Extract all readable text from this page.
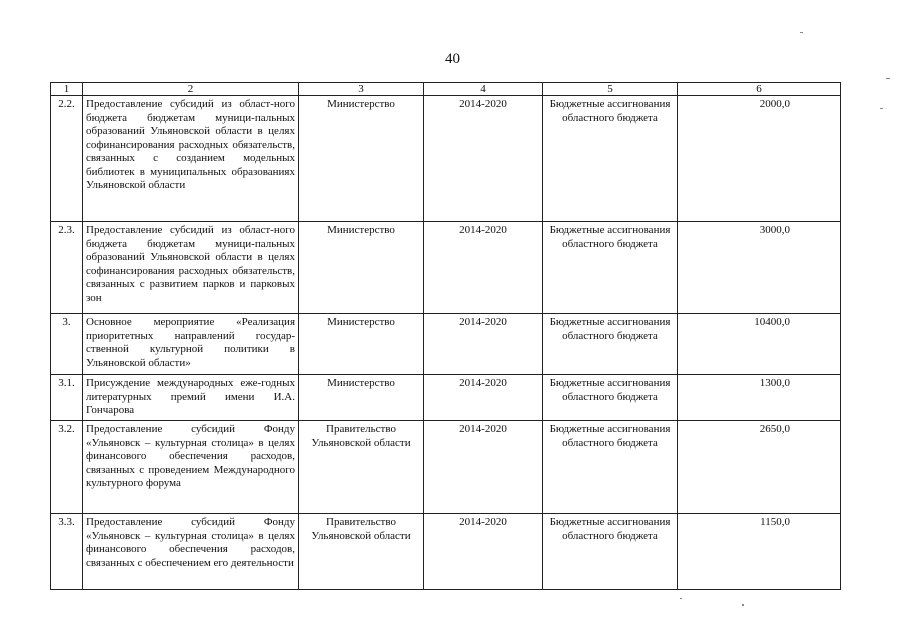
40
1	2	3	4	5	6
2.2.	Предоставление субсидий из област-ного бюджета бюджетам муници-пальных образований Ульяновской области в целях софинансирования расходных обязательств, связанных с созданием модельных библиотек в муниципальных образованиях Ульяновской области	Министерство	2014-2020	Бюджетные ассигнования областного бюджета	2000,0
2.3.	Предоставление субсидий из област-ного бюджета бюджетам муници-пальных образований Ульяновской области в целях софинансирования расходных обязательств, связанных с развитием парков и парковых зон	Министерство	2014-2020	Бюджетные ассигнования областного бюджета	3000,0
3.	Основное мероприятие «Реализация приоритетных направлений государ-ственной культурной политики в Ульяновской области»	Министерство	2014-2020	Бюджетные ассигнования областного бюджета	10400,0
3.1.	Присуждение международных еже-годных литературных премий имени И.А. Гончарова	Министерство	2014-2020	Бюджетные ассигнования областного бюджета	1300,0
3.2.	Предоставление субсидий Фонду «Ульяновск – культурная столица» в целях финансового обеспечения расходов, связанных с проведением Международного культурного форума	Правительство Ульяновской области	2014-2020	Бюджетные ассигнования областного бюджета	2650,0
3.3.	Предоставление субсидий Фонду «Ульяновск – культурная столица» в целях финансового обеспечения расходов, связанных с обеспечением его деятельности	Правительство Ульяновской области	2014-2020	Бюджетные ассигнования областного бюджета	1150,0
